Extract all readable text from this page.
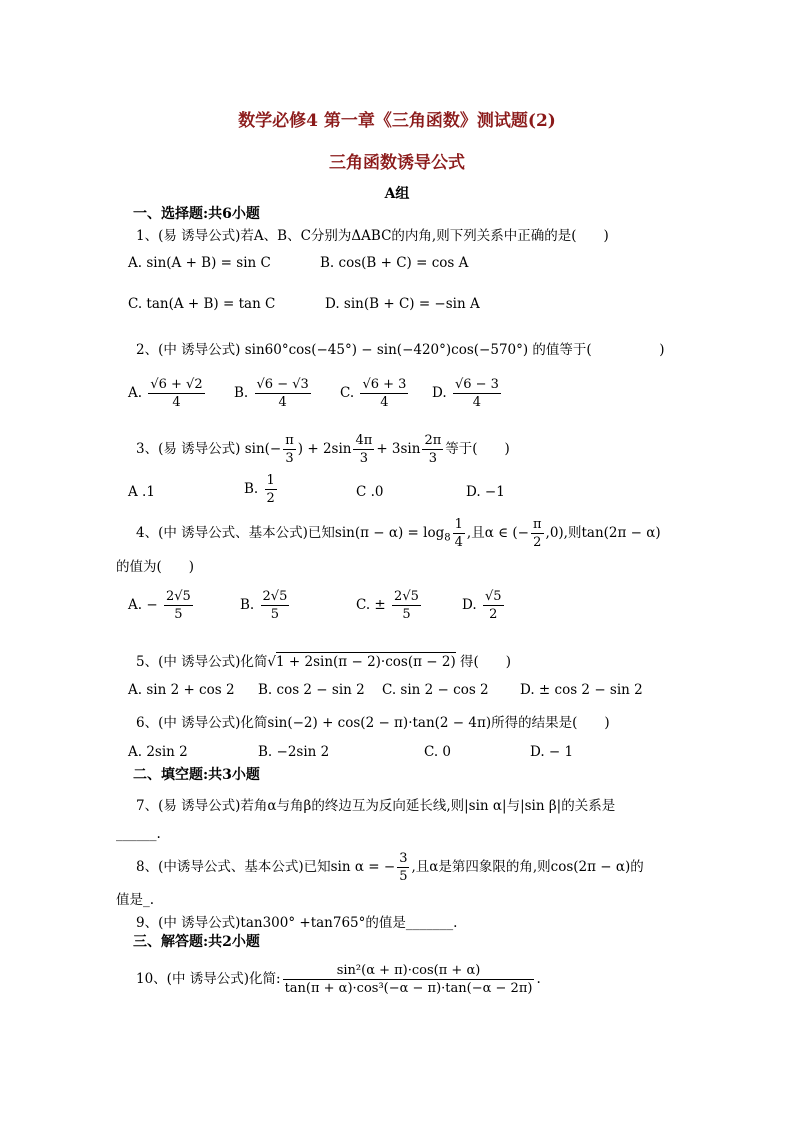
数学必修4 第一章《三角函数》测试题(2)
三角函数诱导公式
A组
一、选择题:共6小题
1、(易 诱导公式)若A、B、C分别为ΔABC的内角,则下列关系中正确的是(　　)
A. sin(A + B) = sin C	B. cos(B + C) = cos A
C. tan(A + B) = tan C	D. sin(B + C) = −sin A
2、(中 诱导公式) sin60°cos(−45°) − sin(−420°)cos(−570°) 的值等于(　　　　　)
A. $\frac{√6 + √2}{4} B$. $\frac{√6 - √3}{4} C$. $\frac{√6 + 3}{4} D$. $\frac{√6 - 3}{4}$
3、(易 诱导公式) $\sin(- \frac{\pi}{3}$ ) + $2\sin \frac{4\pi}{3} + 3\sin \frac{2\pi}{3}$ 等于(　　)
A .1	B. $\frac{1}{2}$	C .0	D. −1
4、(中 诱导公式、基本公式)已知$\sin(\pi - \alpha) = \log_8 \frac{1}{4}$ ,且α ∈ (− $\frac{\pi}{2} ,0$),则tan(2π − α)
的值为(　　)
A. − $\frac{2√5}{5}$	B. $\frac{2√5}{5}$	C. ± $\frac{2√5}{5}$	D. $\frac{√5}{2}$
5、(中 诱导公式)化简√1 + 2sin(π − 2)·cos(π − 2) 得(　　)
A. sin 2 + cos 2 B. cos 2 − sin 2 C. sin 2 − cos 2 D. ± cos 2 − sin 2
6、(中 诱导公式)化简sin(−2) + cos(2 − π)·tan(2 − 4π)所得的结果是(　　)
A. 2sin 2	B. −2sin 2	C. 0	D. − 1
二、填空题:共3小题
7、(易 诱导公式)若角α与角β的终边互为反向延长线,则|sin α|与|sin β|的关系是
______.
8、(中诱导公式、基本公式)已知sin α = − $\frac{3}{5}$ ,且α是第四象限的角,则cos(2π − α)的
值是_.
9、(中 诱导公式)tan300° +tan765°的值是_______.
三、解答题:共2小题
10、(中 诱导公式)化简: $\frac{\text{sin²(α + π)·cos(π + α)}}{\text{tan(π + α)·cos³(−α − π)·tan(−α − 2π)}}$ .
